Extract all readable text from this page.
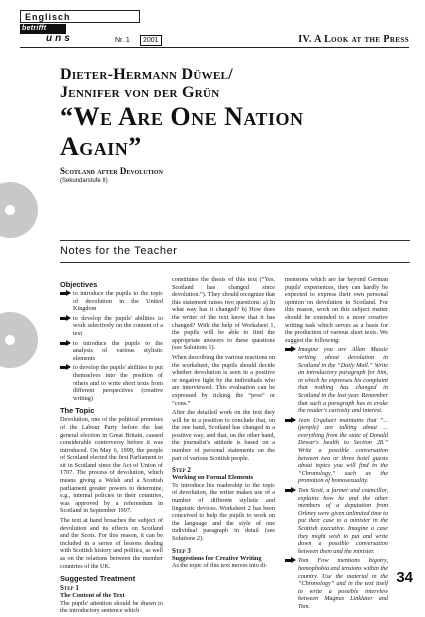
Englisch
betrifft
uns	Nr. 1	2001	IV. A Look at the Press
Dieter-Hermann Düwel/
Jennifer von der Grün
“We Are One Nation
Again”
Scotland after Devolution
(Sekundarstufe II)
Notes for the Teacher
Objectives

to introduce the pupils to the topic of devolution in the United Kingdom

to develop the pupils' abilities to work selectively on the content of a text

to introduce the pupils to the analysis of various stylistic elements

to develop the pupils' abilities to put themselves into the position of others and to write short texts from different perspectives (creative writing)

The Topic

Devolution, one of the political promises of the Labour Party before the last general election in Great Britain, caused considerable controversy before it was introduced. On May 6, 1999, the people of Scotland elected the first Parliament to sit in Scotland since the Act of Union of 1707. The process of devolution, which means giving a Welsh and a Scottish parliament greater powers to determine, e.g., internal policies in their countries, was approved by a referendum in Scotland in September 1997.

The text at hand broaches the subject of devolution and its effects on Scotland and the Scots. For this reason, it can be included in a series of lessons dealing with Scottish history and politics, as well as on the relations between the member countries of the UK.

Suggested Treatment
Step 1
The Content of the Text

The pupils' attention should be drawn to the introductory sentence which

constitutes the thesis of this text (“Yes, Scotland has changed since devolution.”). They should recognize that this statement raises two questions: a) In what way has it changed? b) How does the writer of the text know that it has changed? With the help of Worksheet 1, the pupils will be able to find the appropriate answers to these questions (see Solutions 1).

When describing the various reactions on the worksheet, the pupils should decide whether devolution is seen in a positive or negative light by the individuals who are interviewed. This evaluation can be expressed by ticking the “pros” or “cons.”

After the detailed work on the text they will be in a position to conclude that, on the one hand, Scotland has changed in a positive way, and that, on the other hand, the journalist's attitude is based on a number of personal statements on the part of various Scottish people.

Step 2
Working on Formal Elements

To introduce his readership to the topic of devolution, the writer makes use of a number of different stylistic and linguistic devices. Worksheet 2 has been conceived to help the pupils to work on the language and the style of one individual paragraph in detail (see Solutions 2).

Step 3
Suggestions for Creative Writing

As the topic of this text moves into di-

mensions which are far beyond German pupils' experiences, they can hardly be expected to express their own personal opinion on devolution in Scotland. For this reason, work on this subject matter should be extended to a more creative writing task which serves as a basis for the production of various short texts. We suggest the following:

Imagine you are Allan Massie writing about devolution in Scotland in the “Daily Mail.” Write an introductory paragraph for him, in which he expresses his complaint that nothing has changed in Scotland in the last year. Remember that such a paragraph has to evoke the reader's curiosity and interest.

Jean Urquhart maintains that “... (people) are talking about ... everything from the state of Donald Dewar's health to Section 28.” Write a possible conversation between two or three hotel guests about topics you will find in the “Chronology,” such as the promotion of homosexuality.

Tom Scott, a farmer and councillor, explains how he and the other members of a deputation from Orkney were given unlimited time to put their case to a minister in the Scottish executive. Imagine a case they might wish to put and write down a possible conversation between them and the minister.

Tom Fow mentions bigotry, homophobia and tensions within the country. Use the material in the “Chronology” and in the text itself to write a possible interview between Magnus Linklater and Tom.

34
